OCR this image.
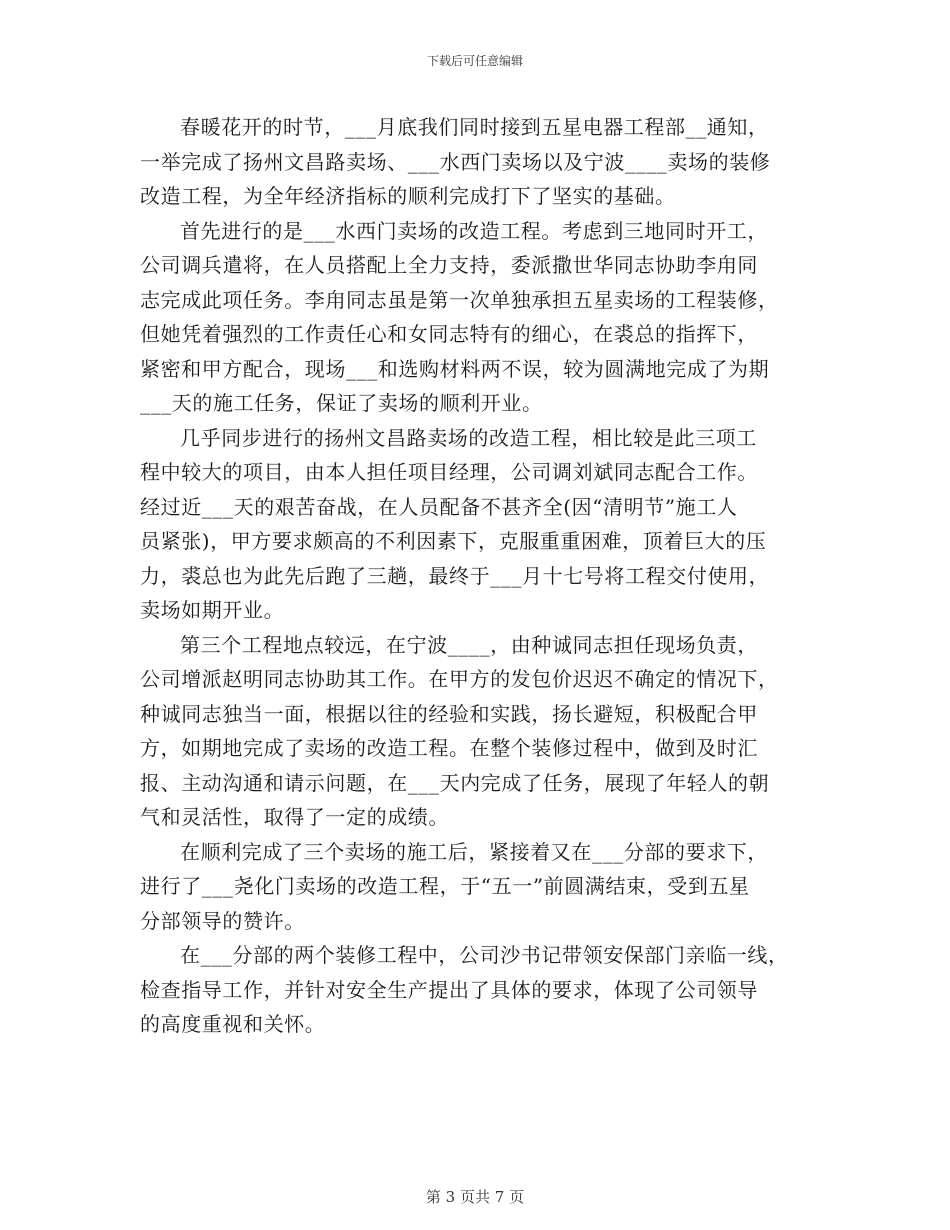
下载后可任意编辑

春暖花开的时节，___月底我们同时接到五星电器工程部__通知，
一举完成了扬州文昌路卖场、___水西门卖场以及宁波____卖场的装修
改造工程，为全年经济指标的顺利完成打下了坚实的基础。

首先进行的是___水西门卖场的改造工程。考虑到三地同时开工，
公司调兵遣将，在人员搭配上全力支持，委派撒世华同志协助李甪同
志完成此项任务。李甪同志虽是第一次单独承担五星卖场的工程装修，
但她凭着强烈的工作责任心和女同志特有的细心，在裘总的指挥下，
紧密和甲方配合，现场___和选购材料两不误，较为圆满地完成了为期
___天的施工任务，保证了卖场的顺利开业。

几乎同步进行的扬州文昌路卖场的改造工程，相比较是此三项工
程中较大的项目，由本人担任项目经理，公司调刘斌同志配合工作。
经过近___天的艰苦奋战，在人员配备不甚齐全(因“清明节”施工人
员紧张)，甲方要求颇高的不利因素下，克服重重困难，顶着巨大的压
力，裘总也为此先后跑了三趟，最终于___月十七号将工程交付使用，
卖场如期开业。

第三个工程地点较远，在宁波____，由种诚同志担任现场负责，
公司增派赵明同志协助其工作。在甲方的发包价迟迟不确定的情况下，
种诚同志独当一面，根据以往的经验和实践，扬长避短，积极配合甲
方，如期地完成了卖场的改造工程。在整个装修过程中，做到及时汇
报、主动沟通和请示问题，在___天内完成了任务，展现了年轻人的朝
气和灵活性，取得了一定的成绩。

在顺利完成了三个卖场的施工后，紧接着又在___分部的要求下，
进行了___尧化门卖场的改造工程，于“五一”前圆满结束，受到五星
分部领导的赞许。

在___分部的两个装修工程中，公司沙书记带领安保部门亲临一线，
检查指导工作，并针对安全生产提出了具体的要求，体现了公司领导
的高度重视和关怀。

第 3 页共 7 页
